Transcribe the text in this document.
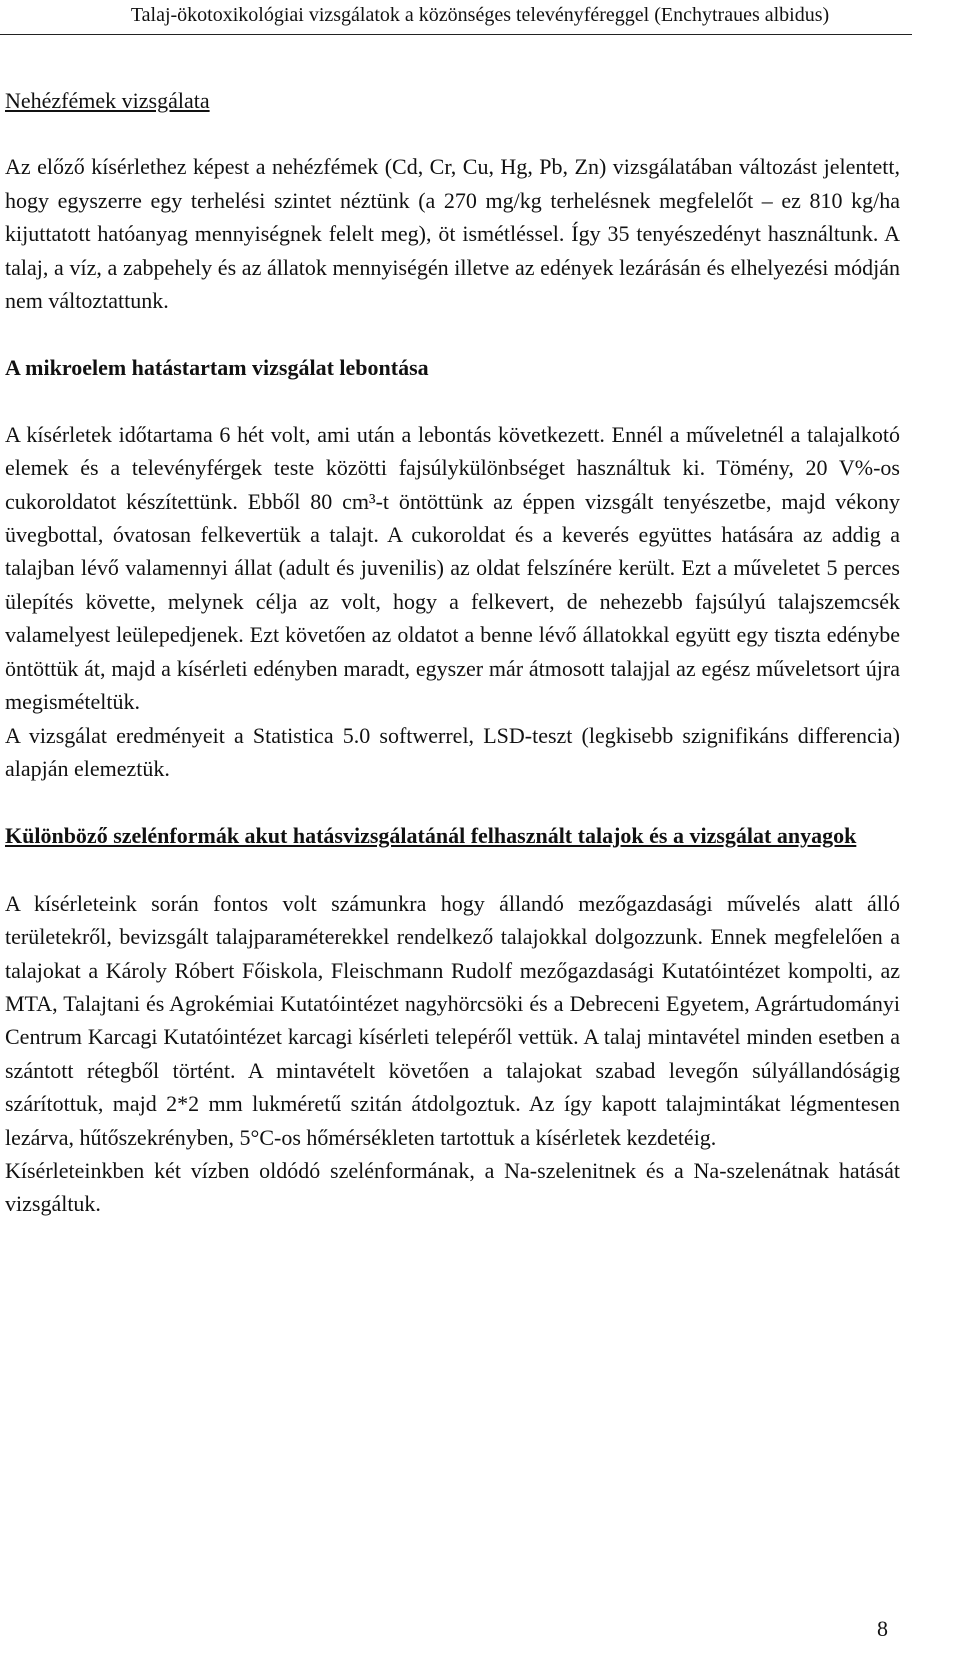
Talaj-ökotoxikológiai vizsgálatok a közönséges televényféreggel (Enchytraues albidus)
Nehézfémek vizsgálata

Az előző kísérlethez képest a nehézfémek (Cd, Cr, Cu, Hg, Pb, Zn) vizsgálatában változást jelentett, hogy egyszerre egy terhelési szintet néztünk (a 270 mg/kg terhelésnek megfelelőt – ez 810 kg/ha kijuttatott hatóanyag mennyiségnek felelt meg), öt ismétléssel. Így 35 tenyészedényt használtunk. A talaj, a víz, a zabpehely és az állatok mennyiségén illetve az edények lezárásán és elhelyezési módján nem változtattunk.

A mikroelem hatástartam vizsgálat lebontása

A kísérletek időtartama 6 hét volt, ami után a lebontás következett. Ennél a műveletnél a talajalkotó elemek és a televényférgek teste közötti fajsúlykülönbséget használtuk ki. Tömény, 20 V%-os cukoroldatot készítettünk. Ebből 80 cm³-t öntöttünk az éppen vizsgált tenyészetbe, majd vékony üvegbottal, óvatosan felkevertük a talajt. A cukoroldat és a keverés együttes hatására az addig a talajban lévő valamennyi állat (adult és juvenilis) az oldat felszínére került. Ezt a műveletet 5 perces ülepítés követte, melynek célja az volt, hogy a felkevert, de nehezebb fajsúlyú talajszemcsék valamelyest leülepedjenek. Ezt követően az oldatot a benne lévő állatokkal együtt egy tiszta edénybe öntöttük át, majd a kísérleti edényben maradt, egyszer már átmosott talajjal az egész műveletsort újra megismételtük.

A vizsgálat eredményeit a Statistica 5.0 softwerrel, LSD-teszt (legkisebb szignifikáns differencia) alapján elemeztük.

Különböző szelénformák akut hatásvizsgálatánál felhasznált talajok és a vizsgálat anyagok

A kísérleteink során fontos volt számunkra hogy állandó mezőgazdasági művelés alatt álló területekről, bevizsgált talajparaméterekkel rendelkező talajokkal dolgozzunk. Ennek megfelelően a talajokat a Károly Róbert Főiskola, Fleischmann Rudolf mezőgazdasági Kutatóintézet kompolti, az MTA, Talajtani és Agrokémiai Kutatóintézet nagyhörcsöki és a Debreceni Egyetem, Agrártudományi Centrum Karcagi Kutatóintézet karcagi kísérleti telepéről vettük. A talaj mintavétel minden esetben a szántott rétegből történt. A mintavételt követően a talajokat szabad levegőn súlyállandóságig szárítottuk, majd 2*2 mm lukméretű szitán átdolgoztuk. Az így kapott talajmintákat légmentesen lezárva, hűtőszekrényben, 5°C-os hőmérsékleten tartottuk a kísérletek kezdetéig.

Kísérleteinkben két vízben oldódó szelénformának, a Na-szelenitnek és a Na-szelenátnak hatását vizsgáltuk.

8
